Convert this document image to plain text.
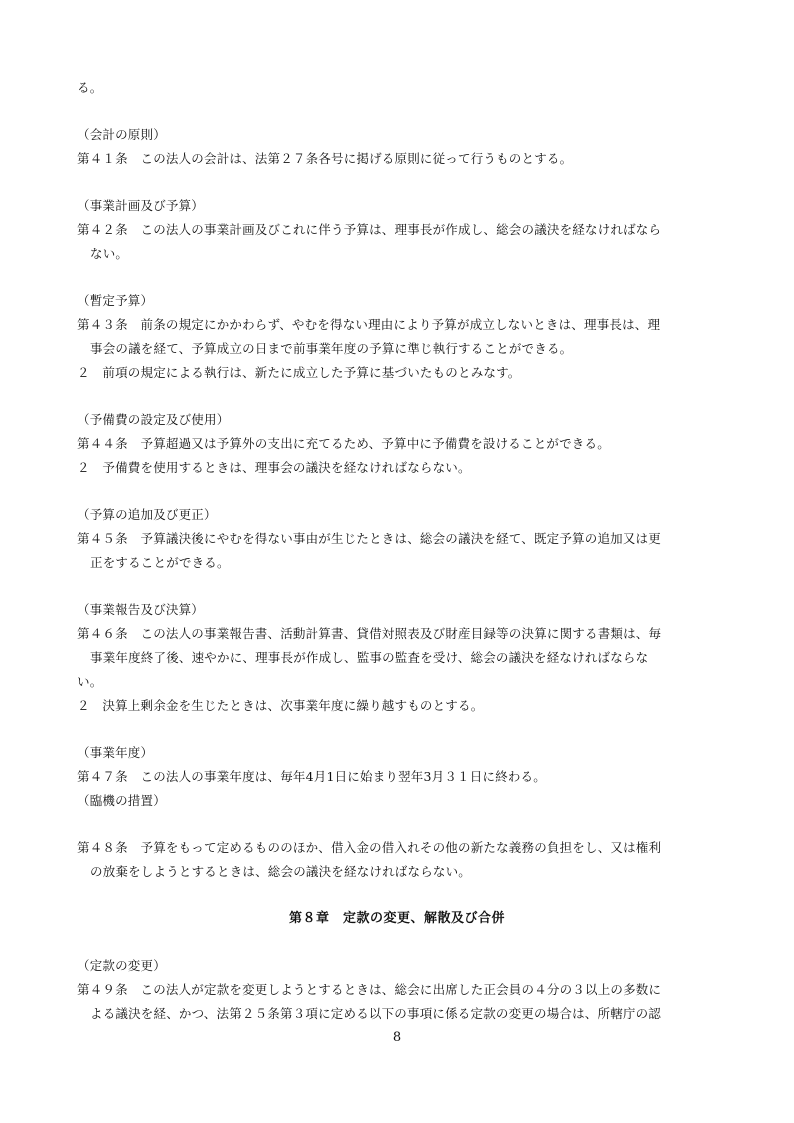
る。
（会計の原則）
第４１条　この法人の会計は、法第２７条各号に掲げる原則に従って行うものとする。
（事業計画及び予算）
第４２条　この法人の事業計画及びこれに伴う予算は、理事長が作成し、総会の議決を経なければなら
ない。
（暫定予算）
第４３条　前条の規定にかかわらず、やむを得ない理由により予算が成立しないときは、理事長は、理
事会の議を経て、予算成立の日まで前事業年度の予算に準じ執行することができる。
２　前項の規定による執行は、新たに成立した予算に基づいたものとみなす。
（予備費の設定及び使用）
第４４条　予算超過又は予算外の支出に充てるため、予算中に予備費を設けることができる。
２　予備費を使用するときは、理事会の議決を経なければならない。
（予算の追加及び更正）
第４５条　予算議決後にやむを得ない事由が生じたときは、総会の議決を経て、既定予算の追加又は更
正をすることができる。
（事業報告及び決算）
第４６条　この法人の事業報告書、活動計算書、貸借対照表及び財産目録等の決算に関する書類は、毎
事業年度終了後、速やかに、理事長が作成し、監事の監査を受け、総会の議決を経なければならな
い。
２　決算上剰余金を生じたときは、次事業年度に繰り越すものとする。
（事業年度）
第４７条　この法人の事業年度は、毎年4月1日に始まり翌年3月３１日に終わる。
（臨機の措置）
第４８条　予算をもって定めるもののほか、借入金の借入れその他の新たな義務の負担をし、又は権利
の放棄をしようとするときは、総会の議決を経なければならない。
第８章　定款の変更、解散及び合併
（定款の変更）
第４９条　この法人が定款を変更しようとするときは、総会に出席した正会員の４分の３以上の多数に
よる議決を経、かつ、法第２５条第３項に定める以下の事項に係る定款の変更の場合は、所轄庁の認
8
